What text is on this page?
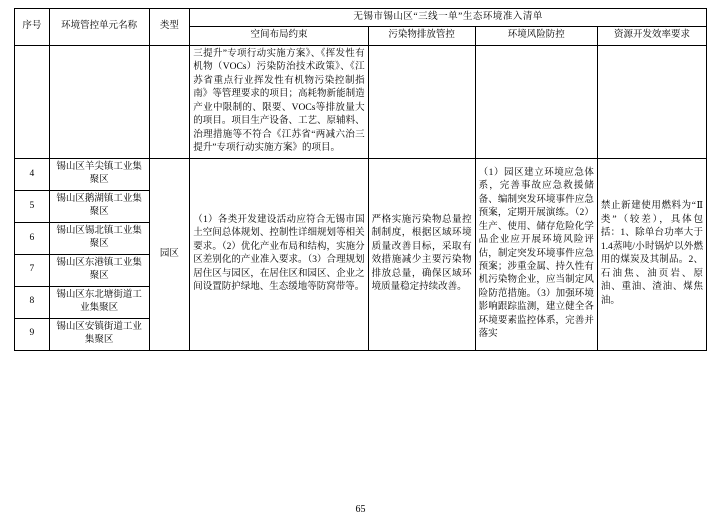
序号	环境管控单元名称	类型	无锡市锡山区“三线一单”生态环境准入清单			
			空间布局约束	污染物排放管控	环境风险防控	资源开发效率要求
			三提升”专项行动实施方案》、《挥发性有机物（VOCs）污染防治技术政策》、《江苏省重点行业挥发性有机物污染控制指南》等管理要求的项目；高耗物新能制造产业中限制的、限要、VOCs等排放量大的项目。项目生产设备、工艺、原辅料、治理措施等不符合《江苏省“两减六治三提升”专项行动实施方案》的项目。			
4	锡山区羊尖镇工业集聚区	园区	（1）各类开发建设活动应符合无锡市国土空间总体规划、控制性详细规划等相关要求。（2）优化产业布局和结构，实施分区差别化的产业准入要求。（3）合理规划居住区与园区，在居住区和园区、企业之间设置防护绿地、生态缓地等防窝带等。	严格实施污染物总量控制制度，根据区域环境质量改善目标，采取有效措施减少主要污染物排放总量，确保区域环境质量稳定持续改善。	（1）园区建立环境应急体系，完善事故应急救援储备、编制突发环境事件应急预案，定期开展演练。（2）生产、使用、储存危险化学品企业应开展环境风险评估，制定突发环境事件应急预案；涉重金属、持久性有机污染物企业，应当制定风险防范措施。（3）加强环境影响跟踪监测，建立健全各环境要素监控体系，完善并落实	禁止新建使用燃料为“Ⅱ类”（较差），具体包括：1、除单台功率大于1.4蒸吨/小时锅炉以外燃用的煤炭及其制品。2、石油焦、油页岩、原油、重油、渣油、煤焦油。
5	锡山区鹅湖镇工业集聚区					
6	锡山区锡北镇工业集聚区					
7	锡山区东港镇工业集聚区					
8	锡山区东北塘街道工业集聚区					
9	锡山区安镇街道工业集聚区					
65
